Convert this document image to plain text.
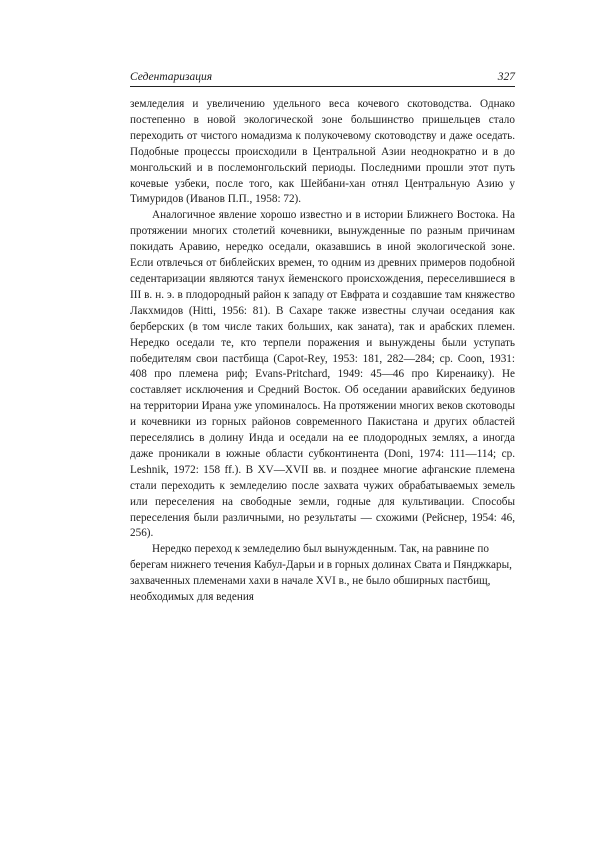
Седентаризация	327

земледелия и увеличению удельного веса кочевого скотоводства. Однако постепенно в новой экологической зоне большинство пришельцев стало переходить от чистого номадизма к полукочевому скотоводству и даже оседать. Подобные процессы происходили в Центральной Азии неоднократно и в до монгольский и в послемонгольский периоды. Последними прошли этот путь кочевые узбеки, после того, как Шейбани-хан отнял Центральную Азию у Тимуридов (Иванов П.П., 1958: 72).

Аналогичное явление хорошо известно и в истории Ближнего Востока. На протяжении многих столетий кочевники, вынужденные по разным причинам покидать Аравию, нередко оседали, оказавшись в иной экологической зоне. Если отвлечься от библейских времен, то одним из древних примеров подобной седентаризации являются танух йеменского происхождения, переселившиеся в III в. н. э. в плодородный район к западу от Евфрата и создавшие там княжество Лакхмидов (Hitti, 1956: 81). В Сахаре также известны случаи оседания как берберских (в том числе таких больших, как заната), так и арабских племен. Нередко оседали те, кто терпели поражения и вынуждены были уступать победителям свои пастбища (Capot-Rey, 1953: 181, 282—284; ср. Coon, 1931: 408 про племена риф; Evans-Pritchard, 1949: 45—46 про Киренаику). Не составляет исключения и Средний Восток. Об оседании аравийских бедуинов на территории Ирана уже упоминалось. На протяжении многих веков скотоводы и кочевники из горных районов современного Пакистана и других областей переселялись в долину Инда и оседали на ее плодородных землях, а иногда даже проникали в южные области субконтинента (Doni, 1974: 111—114; ср. Leshnik, 1972: 158 ff.). В XV—XVII вв. и позднее многие афганские племена стали переходить к земледелию после захвата чужих обрабатываемых земель или переселения на свободные земли, годные для культивации. Способы переселения были различными, но результаты — схожими (Рейснер, 1954: 46, 256).

Нередко переход к земледелию был вынужденным. Так, на равнине по берегам нижнего течения Кабул-Дарьи и в горных долинах Свата и Пянджкары, захваченных племенами хахи в начале XVI в., не было обширных пастбищ, необходимых для ведения
